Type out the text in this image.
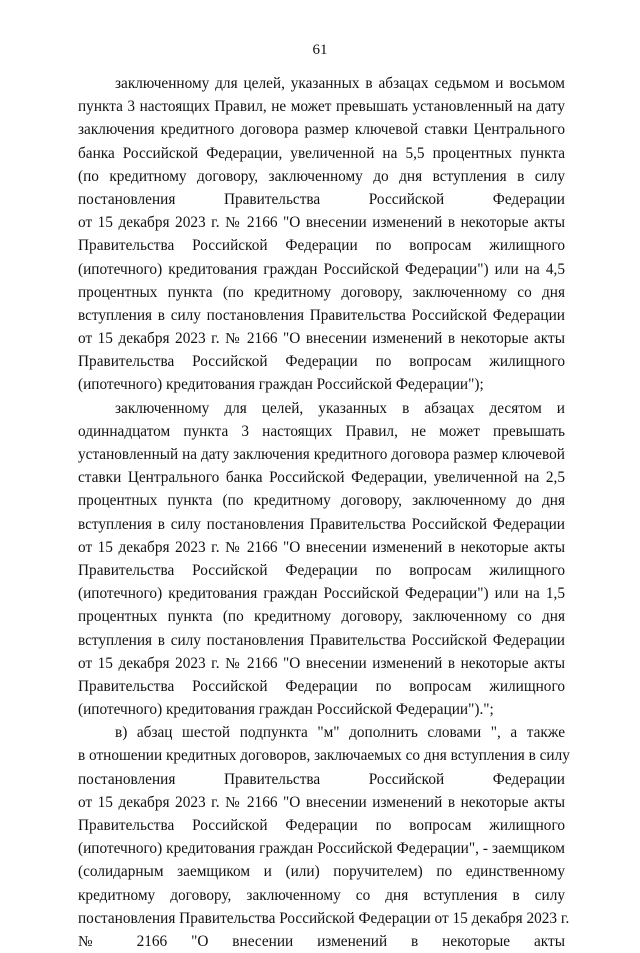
61
заключенному для целей, указанных в абзацах седьмом и восьмом
пункта 3 настоящих Правил, не может превышать установленный на дату
заключения кредитного договора размер ключевой ставки Центрального
банка Российской Федерации, увеличенной на 5,5 процентных пункта
(по кредитному договору, заключенному до дня вступления в силу
постановления Правительства Российской Федерации
от 15 декабря 2023 г. № 2166 "О внесении изменений в некоторые акты
Правительства Российской Федерации по вопросам жилищного
(ипотечного) кредитования граждан Российской Федерации") или на 4,5
процентных пункта (по кредитному договору, заключенному со дня
вступления в силу постановления Правительства Российской Федерации
от 15 декабря 2023 г. № 2166 "О внесении изменений в некоторые акты
Правительства Российской Федерации по вопросам жилищного
(ипотечного) кредитования граждан Российской Федерации");
заключенному для целей, указанных в абзацах десятом и
одиннадцатом пункта 3 настоящих Правил, не может превышать
установленный на дату заключения кредитного договора размер ключевой
ставки Центрального банка Российской Федерации, увеличенной на 2,5
процентных пункта (по кредитному договору, заключенному до дня
вступления в силу постановления Правительства Российской Федерации
от 15 декабря 2023 г. № 2166 "О внесении изменений в некоторые акты
Правительства Российской Федерации по вопросам жилищного
(ипотечного) кредитования граждан Российской Федерации") или на 1,5
процентных пункта (по кредитному договору, заключенному со дня
вступления в силу постановления Правительства Российской Федерации
от 15 декабря 2023 г. № 2166 "О внесении изменений в некоторые акты
Правительства Российской Федерации по вопросам жилищного
(ипотечного) кредитования граждан Российской Федерации").";
в) абзац шестой подпункта "м" дополнить словами ", а также
в отношении кредитных договоров, заключаемых со дня вступления в силу
постановления Правительства Российской Федерации
от 15 декабря 2023 г. № 2166 "О внесении изменений в некоторые акты
Правительства Российской Федерации по вопросам жилищного
(ипотечного) кредитования граждан Российской Федерации", - заемщиком
(солидарным заемщиком и (или) поручителем) по единственному
кредитному договору, заключенному со дня вступления в силу
постановления Правительства Российской Федерации от 15 декабря 2023 г.
№ 2166 "О внесении изменений в некоторые акты
